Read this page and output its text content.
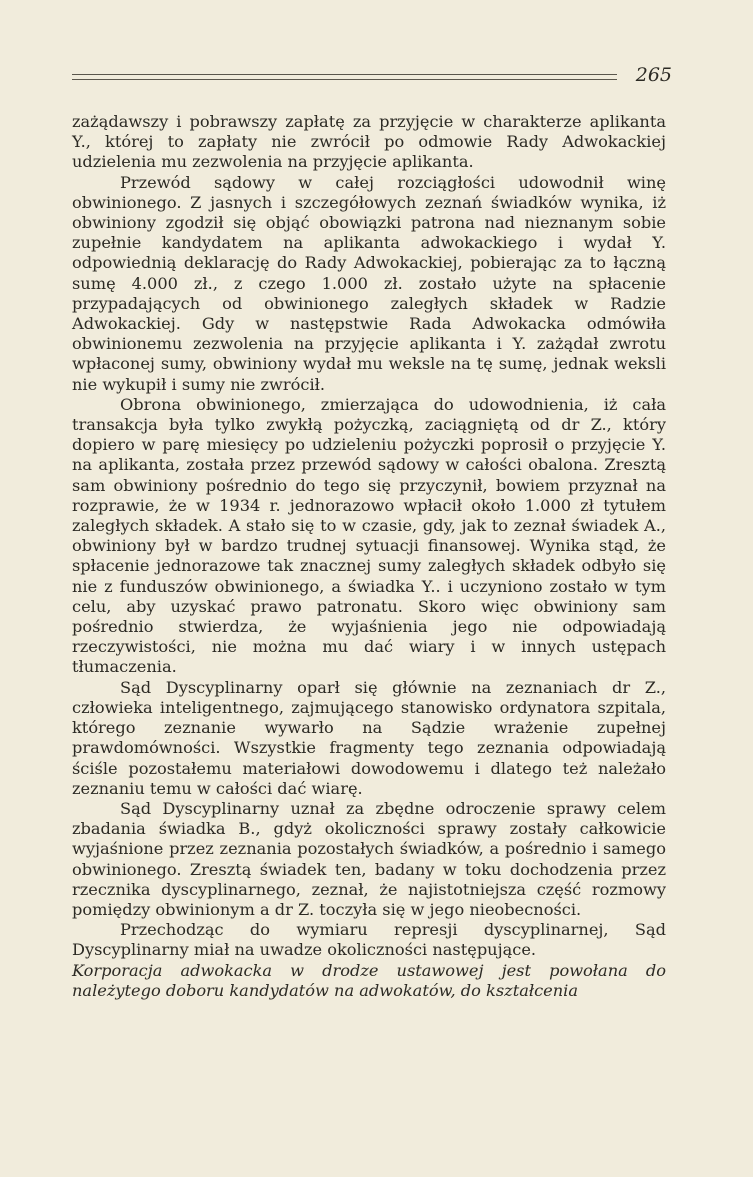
265

zażądawszy i pobrawszy zapłatę za przyjęcie w charakterze aplikanta Y., której to zapłaty nie zwrócił po odmowie Rady Adwokackiej udzielenia mu zezwolenia na przyjęcie aplikanta.

Przewód sądowy w całej rozciągłości udowodnił winę obwinionego. Z jasnych i szczegółowych zeznań świadków wynika, iż obwiniony zgodził się objąć obowiązki patrona nad nieznanym sobie zupełnie kandydatem na aplikanta adwokackiego i wydał Y. odpowiednią deklarację do Rady Adwokackiej, pobierając za to łączną sumę 4.000 zł., z czego 1.000 zł. zostało użyte na spłacenie przypadających od obwinionego zaległych składek w Radzie Adwokackiej. Gdy w następstwie Rada Adwokacka odmówiła obwinionemu zezwolenia na przyjęcie aplikanta i Y. zażądał zwrotu wpłaconej sumy, obwiniony wydał mu weksle na tę sumę, jednak weksli nie wykupił i sumy nie zwrócił.

Obrona obwinionego, zmierzająca do udowodnienia, iż cała transakcja była tylko zwykłą pożyczką, zaciągniętą od dr Z., który dopiero w parę miesięcy po udzieleniu pożyczki poprosił o przyjęcie Y. na aplikanta, została przez przewód sądowy w całości obalona. Zresztą sam obwiniony pośrednio do tego się przyczynił, bowiem przyznał na rozprawie, że w 1934 r. jednorazowo wpłacił około 1.000 zł tytułem zaległych składek. A stało się to w czasie, gdy, jak to zeznał świadek A., obwiniony był w bardzo trudnej sytuacji finansowej. Wynika stąd, że spłacenie jednorazowe tak znacznej sumy zaległych składek odbyło się nie z funduszów obwinionego, a świadka Y.. i uczyniono zostało w tym celu, aby uzyskać prawo patronatu. Skoro więc obwiniony sam pośrednio stwierdza, że wyjaśnienia jego nie odpowiadają rzeczywistości, nie można mu dać wiary i w innych ustępach tłumaczenia.

Sąd Dyscyplinarny oparł się głównie na zeznaniach dr Z., człowieka inteligentnego, zajmującego stanowisko ordynatora szpitala, którego zeznanie wywarło na Sądzie wrażenie zupełnej prawdomówności. Wszystkie fragmenty tego zeznania odpowiadają ściśle pozostałemu materiałowi dowodowemu i dlatego też należało zeznaniu temu w całości dać wiarę.

Sąd Dyscyplinarny uznał za zbędne odroczenie sprawy celem zbadania świadka B., gdyż okoliczności sprawy zostały całkowicie wyjaśnione przez zeznania pozostałych świadków, a pośrednio i samego obwinionego. Zresztą świadek ten, badany w toku dochodzenia przez rzecznika dyscyplinarnego, zeznał, że najistotniejsza część rozmowy pomiędzy obwinionym a dr Z. toczyła się w jego nieobecności.

Przechodząc do wymiaru represji dyscyplinarnej, Sąd Dyscyplinarny miał na uwadze okoliczności następujące.

Korporacja adwokacka w drodze ustawowej jest powołana do należytego doboru kandydatów na adwokatów, do kształcenia
